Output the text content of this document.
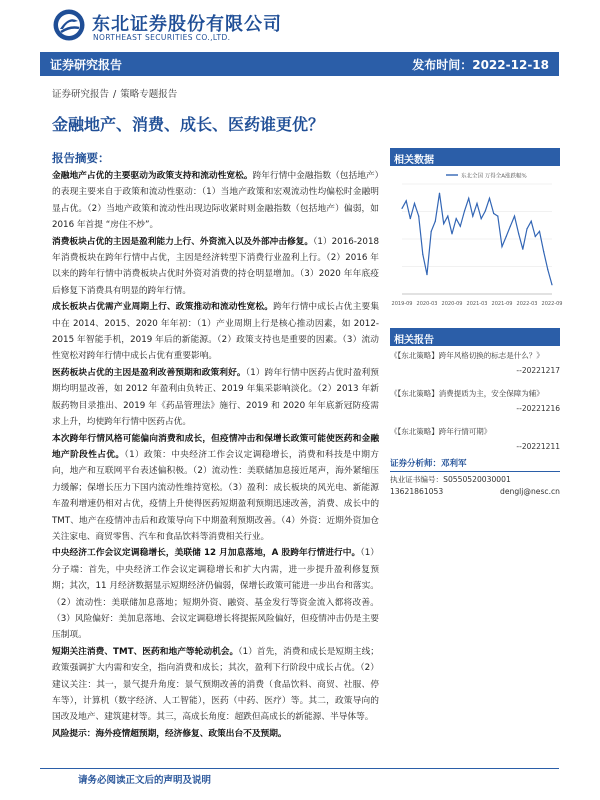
东北证券股份有限公司
NORTHEAST SECURITIES CO.,LTD.
证券研究报告	发布时间：2022-12-18
证券研究报告 / 策略专题报告
金融地产、消费、成长、医药谁更优？
报告摘要：

金融地产占优的主要驱动为政策支持和流动性宽松。跨年行情中金融指数（包括地产）的表现主要来自于政策和流动性驱动：（1）当地产政策和宏观流动性均偏松时金融明显占优。（2）当地产政策和流动性出现边际收紧时则金融指数（包括地产）偏弱，如 2016 年首提 “房住不炒”。

消费板块占优的主因是盈利能力上行、外资流入以及外部冲击修复。（1）2016-2018 年消费板块在跨年行情中占优，主因是经济转型下消费行业盈利上行。（2）2016 年以来的跨年行情中消费板块占优时外资对消费的持仓明显增加。（3）2020 年年底疫后修复下消费具有明显的跨年行情。

成长板块占优需产业周期上行、政策推动和流动性宽松。跨年行情中成长占优主要集中在 2014、2015、2020 年年初：（1）产业周期上行是核心推动因素，如 2012-2015 年智能手机，2019 年后的新能源。（2）政策支持也是重要的因素。（3）流动性宽松对跨年行情中成长占优有重要影响。

医药板块占优的主因是盈利改善预期和政策利好。（1）跨年行情中医药占优时盈利预期均明显改善，如 2012 年盈利由负转正、2019 年集采影响淡化。（2）2013 年新版药物目录推出、2019 年《药品管理法》施行、2019 和 2020 年年底新冠防疫需求上升，均使跨年行情中医药占优。

本次跨年行情风格可能偏向消费和成长，但疫情冲击和保增长政策可能使医药和金融地产阶段性占优。（1）政策：中央经济工作会议定调稳增长，消费和科技是中期方向，地产和互联网平台表述偏积极。（2）流动性：美联储加息接近尾声，海外紧缩压力缓解；保增长压力下国内流动性维持宽松。（3）盈利：成长板块的风光电、新能源车盈利增速仍相对占优，疫情上升使得医药短期盈利预期迅速改善，消费、成长中的 TMT、地产在疫情冲击后和政策导向下中期盈利预期改善。（4）外资：近期外资加仓关注家电、商贸零售、汽车和食品饮料等消费相关行业。

中央经济工作会议定调稳增长，美联储 12 月加息落地，A 股跨年行情进行中。（1）分子端：首先，中央经济工作会议定调稳增长和扩大内需，进一步提升盈利修复预期；其次，11 月经济数据显示短期经济仍偏弱，保增长政策可能进一步出台和落实。（2）流动性：美联储加息落地；短期外资、融资、基金发行等资金流入都将改善。（3）风险偏好：美加息落地、会议定调稳增长将提振风险偏好，但疫情冲击仍是主要压制项。

短期关注消费、TMT、医药和地产等轮动机会。（1）首先，消费和成长是短期主线；政策强调扩大内需和安全，指向消费和成长；其次，盈利下行阶段中成长占优。（2）建议关注：其一，景气提升角度：景气预期改善的消费（食品饮料、商贸、社服、停车等），计算机（数字经济、人工智能），医药（中药、医疗）等。其二，政策导向的国改及地产、建筑建材等。其三，高成长角度：超跌但高成长的新能源、半导体等。

风险提示：海外疫情超预期，经济修复、政策出台不及预期。

相关数据
东北全国 万得全A涨跌幅%
2019-09 2020-03 2020-09 2021-03 2021-09 2022-03 2022-09
相关报告
《【东北策略】跨年风格切换的标志是什么？》
--20221217
《【东北策略】消费提质为主，安全保障为辅》
--20221216
《【东北策略】跨年行情可期》
--20221211
证券分析师：邓利军
执业证书编号：S0550520030001
13621861053	denglj@nesc.cn
请务必阅读正文后的声明及说明
